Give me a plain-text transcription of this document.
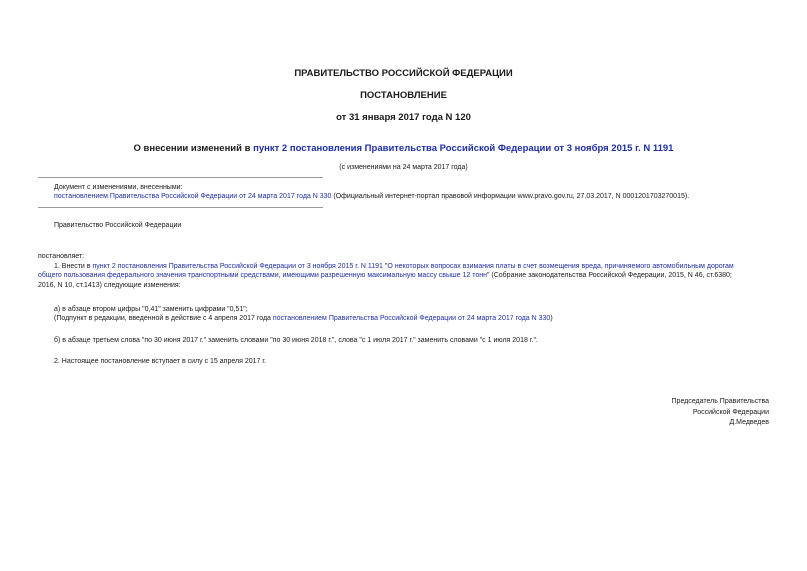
ПРАВИТЕЛЬСТВО РОССИЙСКОЙ ФЕДЕРАЦИИ
ПОСТАНОВЛЕНИЕ
от 31 января 2017 года N 120
О внесении изменений в пункт 2 постановления Правительства Российской Федерации от 3 ноября 2015 г. N 1191
(с изменениями на 24 марта 2017 года)
Документ с изменениями, внесенными:
постановлением Правительства Российской Федерации от 24 марта 2017 года N 330 (Официальный интернет-портал правовой информации www.pravo.gov.ru, 27.03.2017, N 0001201703270015).
Правительство Российской Федерации
постановляет:
1. Внести в пункт 2 постановления Правительства Российской Федерации от 3 ноября 2015 г. N 1191 "О некоторых вопросах взимания платы в счет возмещения вреда, причиняемого автомобильным дорогам
общего пользования федерального значения транспортными средствами, имеющими разрешенную максимальную массу свыше 12 тонн" (Собрание законодательства Российской Федерации, 2015, N 46, ст.6380;
2016, N 10, ст.1413) следующие изменения:
а) в абзаце втором цифры "0,41" заменить цифрами "0,51";
(Подпункт в редакции, введенной в действие с 4 апреля 2017 года постановлением Правительства Российской Федерации от 24 марта 2017 года N 330)
б) в абзаце третьем слова "по 30 июня 2017 г." заменить словами "по 30 июня 2018 г.", слова "с 1 июля 2017 г." заменить словами "с 1 июля 2018 г.".
2. Настоящее постановление вступает в силу с 15 апреля 2017 г.
Председатель Правительства
Российской Федерации
Д.Медведев
